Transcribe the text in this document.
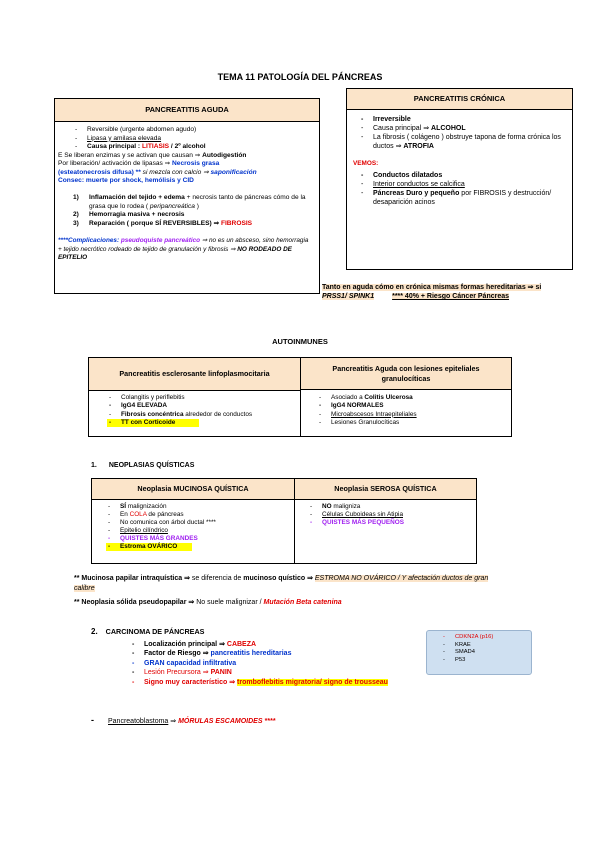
TEMA 11 PATOLOGÍA DEL PÁNCREAS
PANCREATITIS AGUDA
- Reversible (urgente abdomen agudo)
- Lipasa y amilasa elevada
- Causa principal : LITIASIS / 2º alcohol
E Se liberan enzimas y se activan que causan ⇒ Autodigestión
Por liberación/ activación de lipasas ⇒ Necrosis grasa
(esteatonecrosis difusa) ** si mezcla con calcio ⇒ saponificación
Consec: muerte por shock, hemólisis y CID
1) Inflamación del tejido + edema + necrosis tanto de páncreas cómo de la grasa que lo rodea ( peripancreática )
2) Hemorragia masiva + necrosis
3) Reparación ( porque SÍ REVERSIBLES) ⇒ FIBROSIS
****Complicaciones: pseudoquiste pancreático ⇒ no es un absceso, sino hemorragia + tejido necrótico rodeado de tejido de granulación y fibrosis ⇒ NO RODEADO DE EPITELIO
PANCREATITIS CRÓNICA
- Irreversible
- Causa principal ⇒ ALCOHOL
- La fibrosis ( colágeno ) obstruye tapona de forma crónica los ductos ⇒ ATROFIA
VEMOS:
- Conductos dilatados
- Interior conductos se calcifica
- Páncreas Duro y pequeño por FIBROSIS y destrucción/ desaparición acinos
Tanto en aguda cómo en crónica mismas formas hereditarias ⇒ si PRSS1/ SPINK1	**** 40% + Riesgo Cáncer Páncreas
AUTOINMUNES
Pancreatitis esclerosante linfoplasmocitaria
Pancreatitis Aguda con lesiones epiteliales granulocíticas
- Colangitis y periflebitis
- IgG4 ELEVADA
- Fibrosis concéntrica alrededor de conductos
- TT con Corticoide
- Asociado a Colitis Ulcerosa
- IgG4 NORMALES
- Microabscesos Intraepiteliales
- Lesiones Granulocíticas
1. NEOPLASIAS QUÍSTICAS
Neoplasia MUCINOSA QUÍSTICA	Neoplasia SEROSA QUÍSTICA
- SÍ malignización
- En COLA de páncreas
- No comunica con árbol ductal ****
- Epitelio cilíndrico
- QUISTES MÁS GRANDES
- Estroma OVÁRICO
- NO maligniza
- Células Cuboideas sin Atipia
- QUISTES MÁS PEQUEÑOS
** Mucinosa papilar intraquística ⇒ se diferencia de mucinoso quístico ⇒ ESTROMA NO OVÁRICO / Y afectación ductos de gran calibre
** Neoplasia sólida pseudopapilar ⇒ No suele malignizar / Mutación Beta catenina
2. CARCINOMA DE PÁNCREAS
- Localización principal ⇒ CABEZA
- Factor de Riesgo ⇒ pancreatitis hereditarias
- GRAN capacidad infiltrativa
- Lesión Precursora ⇒ PANIN
- Signo muy característico ⇒ tromboflebitis migratoria/ signo de trousseau
- CDKN2A (p16)
- KRAE
- SMAD4
- P53
- Pancreatoblastoma ⇒ MÓRULAS ESCAMOIDES ****
